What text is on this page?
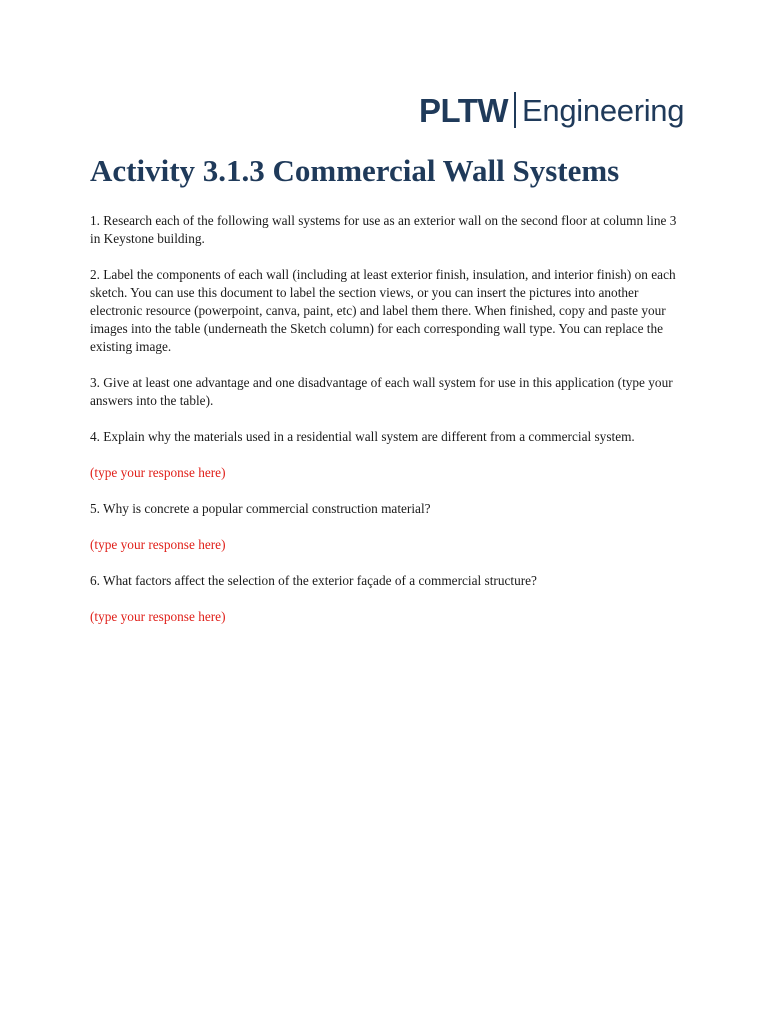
PLTW Engineering
Activity 3.1.3 Commercial Wall Systems

1. Research each of the following wall systems for use as an exterior wall on the second floor at column line 3 in Keystone building.

2. Label the components of each wall (including at least exterior finish, insulation, and interior finish) on each sketch. You can use this document to label the section views, or you can insert the pictures into another electronic resource (powerpoint, canva, paint, etc) and label them there. When finished, copy and paste your images into the table (underneath the Sketch column) for each corresponding wall type. You can replace the existing image.

3. Give at least one advantage and one disadvantage of each wall system for use in this application (type your answers into the table).

4. Explain why the materials used in a residential wall system are different from a commercial system.

(type your response here)

5. Why is concrete a popular commercial construction material?

(type your response here)

6. What factors affect the selection of the exterior façade of a commercial structure?

(type your response here)
